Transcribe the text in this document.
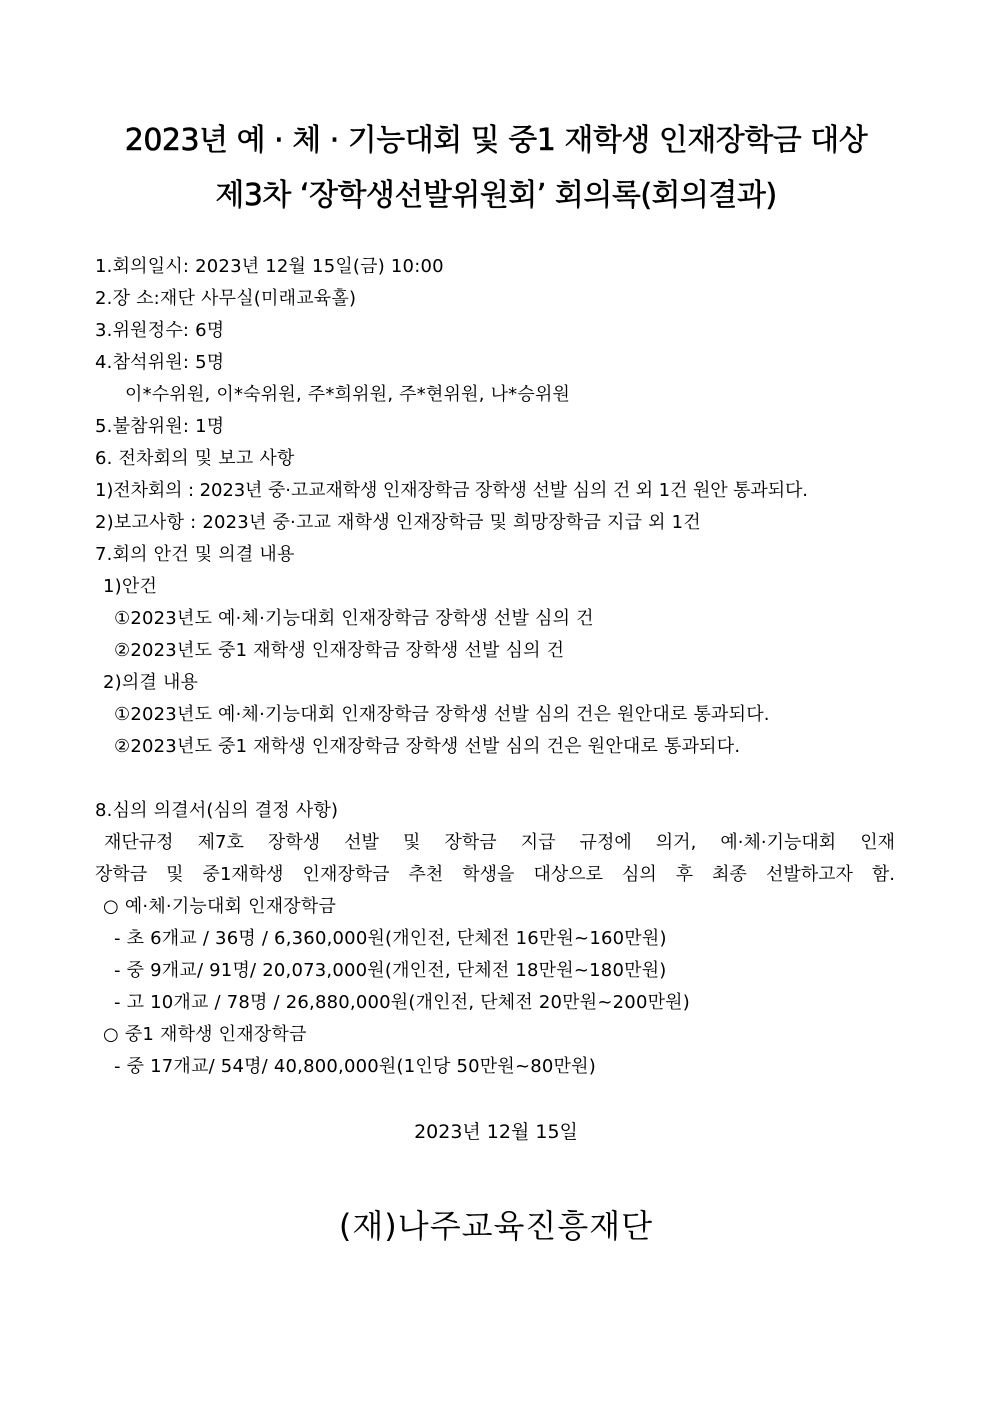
2023년 예 · 체 · 기능대회 및 중1 재학생 인재장학금 대상
제3차 ‘장학생선발위원회’ 회의록(회의결과)
1.회의일시: 2023년 12월 15일(금) 10:00
2.장 소:재단 사무실(미래교육홀)
3.위원정수: 6명
4.참석위원: 5명
이*수위원, 이*숙위원, 주*희위원, 주*현위원, 나*승위원
5.불참위원: 1명
6. 전차회의 및 보고 사항
1)전차회의 : 2023년 중·고교재학생 인재장학금 장학생 선발 심의 건 외 1건 원안 통과되다.
2)보고사항 : 2023년 중·고교 재학생 인재장학금 및 희망장학금 지급 외 1건
7.회의 안건 및 의결 내용
1)안건
①2023년도 예·체·기능대회 인재장학금 장학생 선발 심의 건
②2023년도 중1 재학생 인재장학금 장학생 선발 심의 건
2)의결 내용
①2023년도 예·체·기능대회 인재장학금 장학생 선발 심의 건은 원안대로 통과되다.
②2023년도 중1 재학생 인재장학금 장학생 선발 심의 건은 원안대로 통과되다.
8.심의 의결서(심의 결정 사항)
재단규정 제7호 장학생 선발 및 장학금 지급 규정에 의거, 예·체·기능대회 인재
장학금 및 중1재학생 인재장학금 추천 학생을 대상으로 심의 후 최종 선발하고자 함.
○ 예·체·기능대회 인재장학금
- 초 6개교 / 36명 / 6,360,000원(개인전, 단체전 16만원~160만원)
- 중 9개교/ 91명/ 20,073,000원(개인전, 단체전 18만원~180만원)
- 고 10개교 / 78명 / 26,880,000원(개인전, 단체전 20만원~200만원)
○ 중1 재학생 인재장학금
- 중 17개교/ 54명/ 40,800,000원(1인당 50만원~80만원)
2023년 12월 15일
(재)나주교육진흥재단
